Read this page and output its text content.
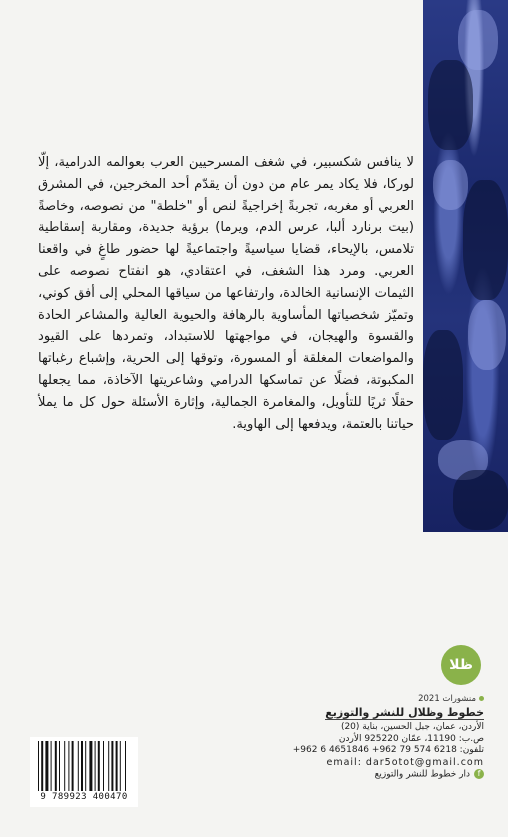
لا ينافس شكسبير، في شغف المسرحيين العرب بعوالمه الدرامية، إلّا لوركا، فلا يكاد يمر عام من دون أن يقدّم أحد المخرجين، في المشرق العربي أو مغربه، تجربةً إخراجيةً لنص أو "خلطة" من نصوصه، وخاصةً (بيت برنارد ألبا، عرس الدم، ويرما) برؤية جديدة، ومقاربة إسقاطية تلامس، بالإيحاء، قضايا سياسيةً واجتماعيةً لها حضور طاغٍ في واقعنا العربي. ومرد هذا الشغف، في اعتقادي، هو انفتاح نصوصه على الثيمات الإنسانية الخالدة، وارتفاعها من سياقها المحلي إلى أفق كوني، وتميّز شخصياتها المأساوية بالرهافة والحيوية العالية والمشاعر الحادة والقسوة والهيجان، في مواجهتها للاستبداد، وتمردها على القيود والمواضعات المغلقة أو المسورة، وتوقها إلى الحرية، وإشباع رغباتها المكبوتة، فضلًا عن تماسكها الدرامي وشاعريتها الآخاذة، مما يجعلها حقلًا ثريًا للتأويل، والمغامرة الجمالية، وإثارة الأسئلة حول كل ما يملأ حياتنا بالعتمة، ويدفعها إلى الهاوية.

ظلا
منشورات 2021
خطوط وظلال للنشر والتوزيع
الأردن، عمان، جبل الحسين، بناية (20)
ص.ب: 11190، عمّان 925220 الأردن
تلفون: 6218 574 79 962+ 4651846 6 962+
email: dar5otot@gmail.com
fدار خطوط للنشر والتوزيع
9 789923 400470
